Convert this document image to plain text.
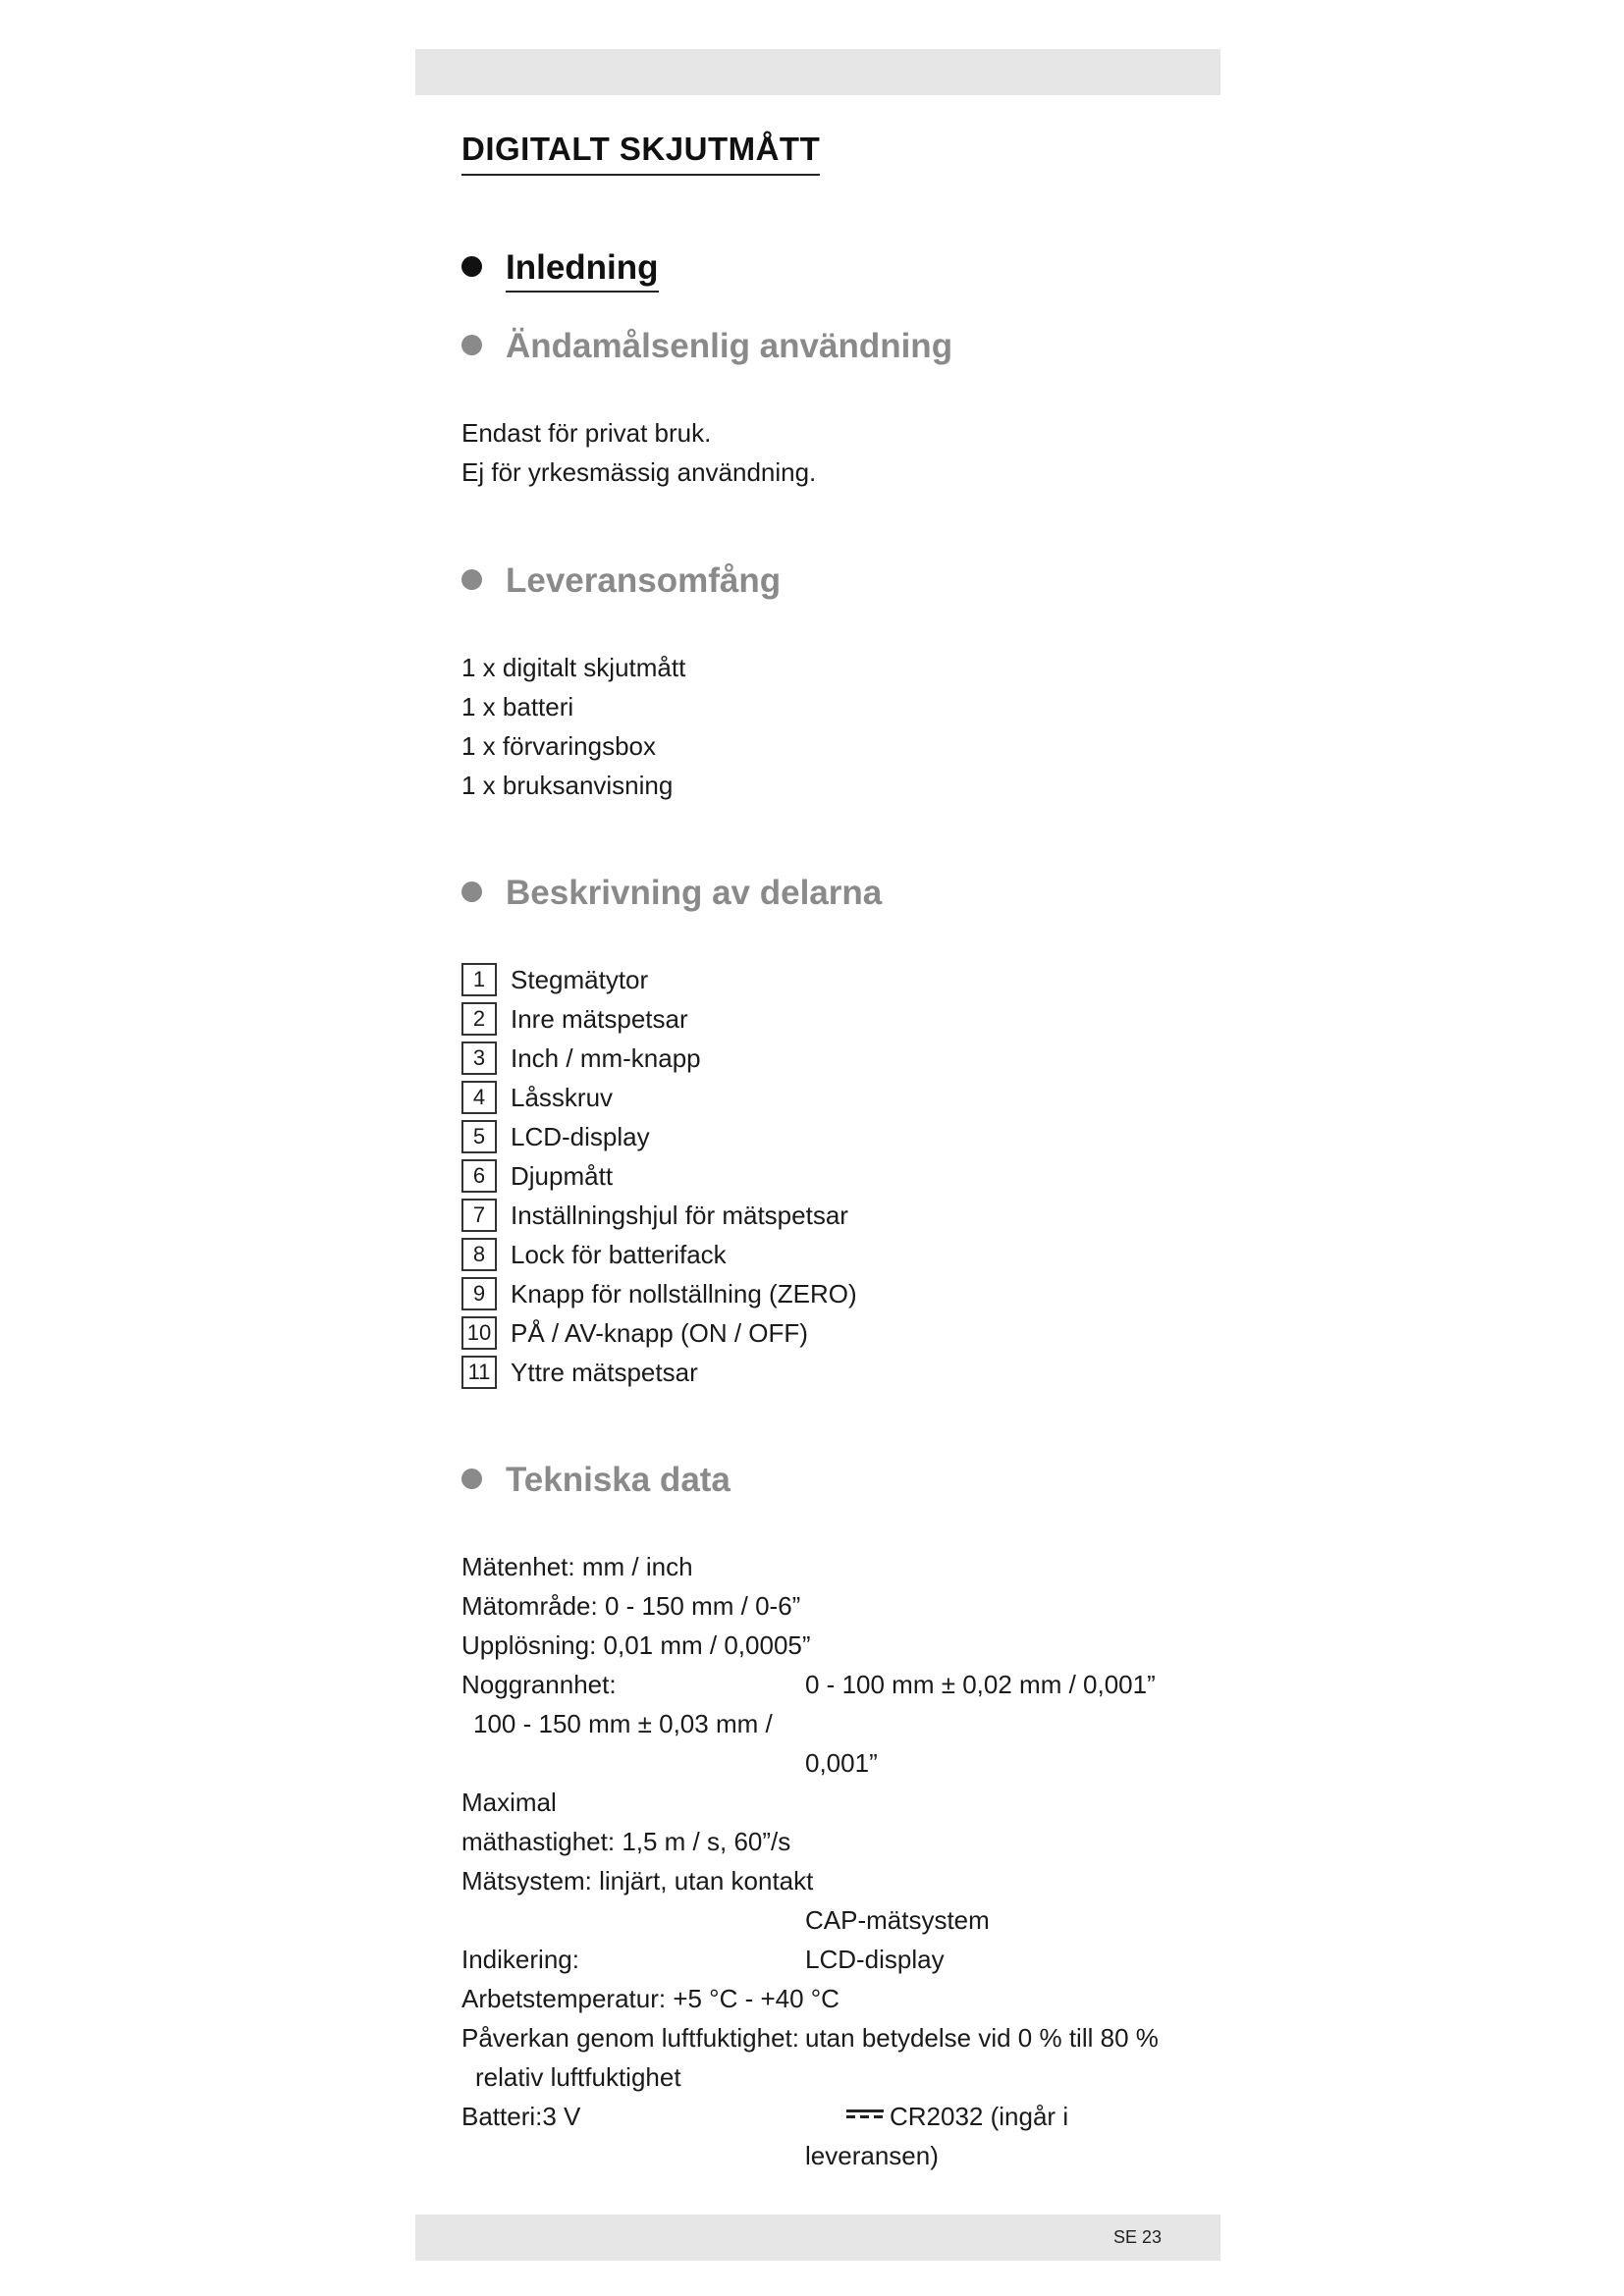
DIGITALT SKJUTMÅTT
Inledning
Ändamålsenlig användning
Endast för privat bruk.
Ej för yrkesmässig användning.
Leveransomfång
1 x digitalt skjutmått
1 x batteri
1 x förvaringsbox
1 x bruksanvisning
Beskrivning av delarna
1 Stegmätytor
2 Inre mätspetsar
3 Inch / mm-knapp
4 Låsskruv
5 LCD-display
6 Djupmått
7 Inställningshjul för mätspetsar
8 Lock för batterifack
9 Knapp för nollställning (ZERO)
10 PÅ / AV-knapp (ON / OFF)
11 Yttre mätspetsar
Tekniska data
Mätenhet: mm / inch
Mätområde: 0 - 150 mm / 0-6”
Upplösning: 0,01 mm / 0,0005”
Noggrannhet:	0 - 100 mm ± 0,02 mm / 0,001”
100 - 150 mm ± 0,03 mm /
0,001”
Maximal
mäthastighet: 1,5 m / s, 60”/s
Mätsystem: linjärt, utan kontakt
CAP-mätsystem
Indikering:	LCD-display
Arbetstemperatur: +5 °C - +40 °C
Påverkan genom luftfuktighet: utan betydelse vid 0 % till 80 %
relativ luftfuktighet
Batteri:3 V	CR2032 (ingår i
leveransen)
SE 23
